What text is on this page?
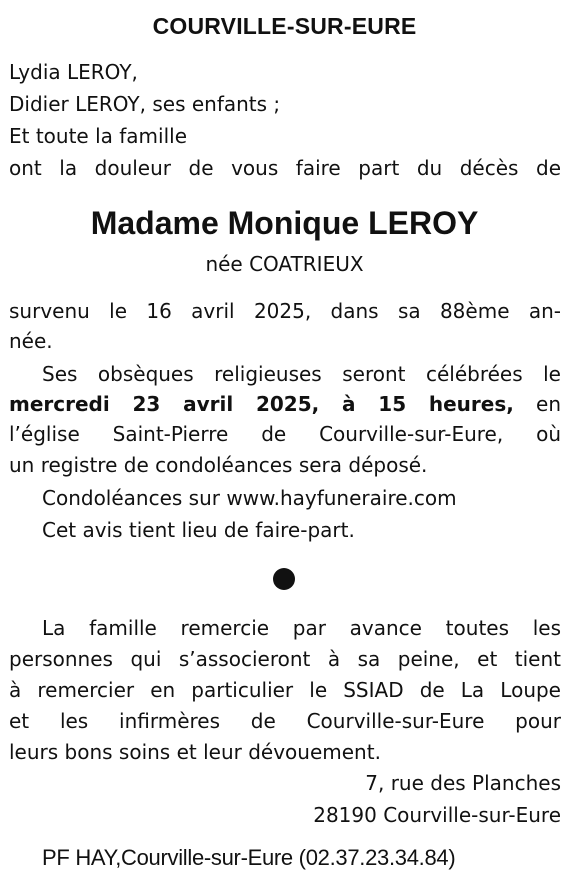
COURVILLE-SUR-EURE
Lydia LEROY,
Didier LEROY, ses enfants ;
Et toute la famille
ont la douleur de vous faire part du décès de
Madame Monique LEROY
née COATRIEUX
survenu le 16 avril 2025, dans sa 88ème an-
née.
Ses obsèques religieuses seront célébrées le
mercredi 23 avril 2025, à 15 heures, en
l’église Saint-Pierre de Courville-sur-Eure, où
un registre de condoléances sera déposé.
Condoléances sur www.hayfuneraire.com
Cet avis tient lieu de faire-part.
La famille remercie par avance toutes les
personnes qui s’associeront à sa peine, et tient
à remercier en particulier le SSIAD de La Loupe
et les infirmères de Courville-sur-Eure pour
leurs bons soins et leur dévouement.
7, rue des Planches
28190 Courville-sur-Eure
PF HAY,Courville-sur-Eure (02.37.23.34.84)
